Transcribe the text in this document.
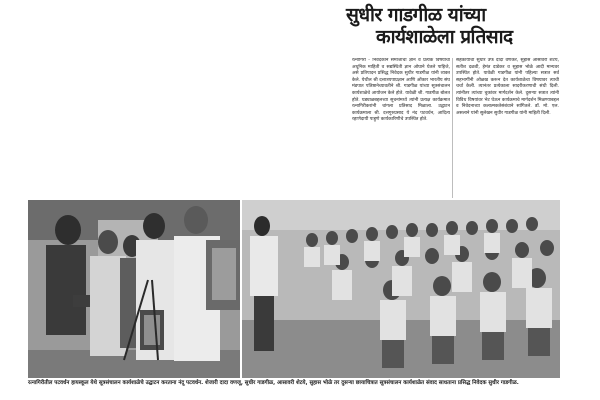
सुधीर गाडगीळ यांच्या
कार्यशाळेला प्रतिसाद
रत्नागिरी - निवेदकाने समाजाचा ज्ञान व प्रत्येक विषयांचा अधूनिक माहिती व सद्यस्थिती ज्ञान ओघाने घेतले पाहिजे, असे प्रतिपादन प्रसिद्ध निवेदक सुधीर गाडगीळ यांनी व्यक्त केले. येथील श्री दत्तात्रयपाप्रज्ञान आणि ओंकार भारतीय संघ मंडपात पतिष्ठानेच्यावतीने श्री. गाडगीळ यांच्या सूत्रसंचालन कार्यशाळेचे आयोजन केले होते. यावेळी श्री. गाडगीळ बोलत होते. घड्याळबद्दलच्या सूचनांमध्ये त्यांनी प्रत्यक्ष कार्यक्रमात रत्नागिरीकरांनी चांगला प्रतिसाद मिळाला. उद्घाटन कार्यक्रमाला श्री. दत्तगुरुप्रसाद ये नंद पटवर्धन, आदित्य रहाणेदायी पाहुणे कार्यकारिणीचे उपस्थित होते.
सहकार्यांचा सुधीर उर्फ दादा वणकर, सुहास आसावरी शेटये, सतीश दळवी, हेमंत दाडेकर व सुहास भोळे आदी मान्यवर उपस्थित होते. यावेळी गाडगीळ यांनी पहिल्या सत्रात सर्व सहभागींनी ओळख करून देत कार्यशाळेचा विषयावर त्याची चर्चा केली. त्यानंतर प्रत्येकाला सादरीकरणाची संधी दिली. त्यांनीतर त्यांच्या चुकांवर मार्गदर्शन केले. दुसऱ्या सत्रात त्यांनी विविध विषयांवर भेट घेऊन कार्यक्रमाचे मार्गदर्शन मिळण्याबद्दल व निवेदनाच्या कलात्मकतेसंबंधाने सांगितले. डॉ. मो. एल. असलाने यांनी सुलेखन सुधीर गाडगीळ यांनी माहिती दिली.
रत्नागिरीतील पटवर्धन हायस्कूल येथे सूत्रसंचालन कार्यशाळेचे उद्घाटन करताना नंदू पटवर्धन. शेजारी दादा वणजू, सुधीर गाडगीळ, आसावरी शेटये, सुहास भोळे तर दुसऱ्या छायाचित्रात सूत्रसंचालन कार्यशाळेत संवाद साधताना प्रसिद्ध निवेदक सुधीर गाडगीळ.
